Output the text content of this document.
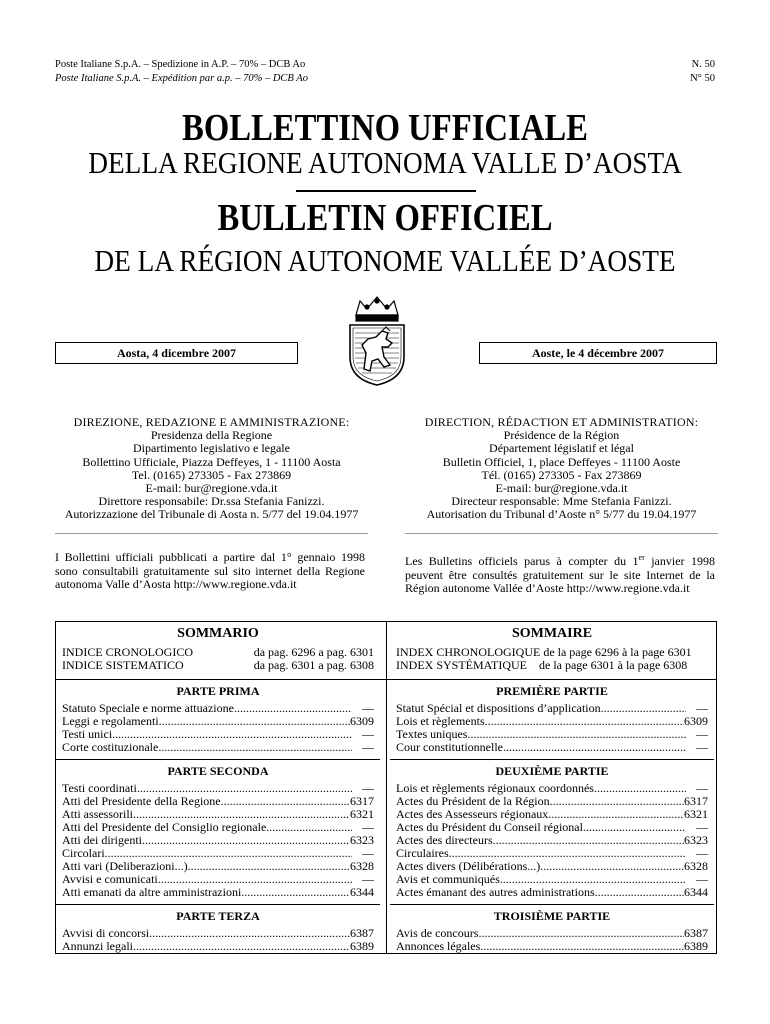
Poste Italiane S.p.A. – Spedizione in A.P. – 70% – DCB Ao
Poste Italiane S.p.A. – Expédition par a.p. – 70% – DCB Ao
N. 50
N° 50
BOLLETTINO UFFICIALE
DELLA REGIONE AUTONOMA VALLE D’AOSTA
BULLETIN OFFICIEL
DE LA RÉGION AUTONOME VALLÉE D’AOSTE
Aosta, 4 dicembre 2007	Aoste, le 4 décembre 2007
DIREZIONE, REDAZIONE E AMMINISTRAZIONE:
Presidenza della Regione
Dipartimento legislativo e legale
Bollettino Ufficiale, Piazza Deffeyes, 1 - 11100 Aosta
Tel. (0165) 273305 - Fax 273869
E-mail: bur@regione.vda.it
Direttore responsabile: Dr.ssa Stefania Fanizzi.
Autorizzazione del Tribunale di Aosta n. 5/77 del 19.04.1977
DIRECTION, RÉDACTION ET ADMINISTRATION:
Présidence de la Région
Département législatif et légal
Bulletin Officiel, 1, place Deffeyes - 11100 Aoste
Tél. (0165) 273305 - Fax 273869
E-mail: bur@regione.vda.it
Directeur responsable: Mme Stefania Fanizzi.
Autorisation du Tribunal d’Aoste n° 5/77 du 19.04.1977
I Bollettini ufficiali pubblicati a partire dal 1° gennaio 1998 sono consultabili gratuitamente sul sito internet della Regione autonoma Valle d’Aosta http://www.regione.vda.it
Les Bulletins officiels parus à compter du 1er janvier 1998 peuvent être consultés gratuitement sur le site Internet de la Région autonome Vallée d’Aoste http://www.regione.vda.it
SOMMARIO
INDICE CRONOLOGICO	da pag. 6296 a pag. 6301
INDICE SISTEMATICO	da pag. 6301 a pag. 6308
PARTE PRIMA
Statuto Speciale e norme attuazione .....	—
Leggi e regolamenti .....	6309
Testi unici .....	—
Corte costituzionale .....	—
PARTE SECONDA
Testi coordinati .....	—
Atti del Presidente della Regione .....	6317
Atti assessorili .....	6321
Atti del Presidente del Consiglio regionale .....	—
Atti dei dirigenti .....	6323
Circolari .....	—
Atti vari (Deliberazioni...) .....	6328
Avvisi e comunicati .....	—
Atti emanati da altre amministrazioni .....	6344
PARTE TERZA
Avvisi di concorsi .....	6387
Annunzi legali .....	6389
SOMMAIRE
INDEX CHRONOLOGIQUE de la page 6296 à la page 6301
INDEX SYSTÉMATIQUE    de la page 6301 à la page 6308
PREMIÈRE PARTIE
Statut Spécial et dispositions d’application .....	—
Lois et règlements .....	6309
Textes uniques .....	—
Cour constitutionnelle .....	—
DEUXIÈME PARTIE
Lois et règlements régionaux coordonnés .....	—
Actes du Président de la Région .....	6317
Actes des Assesseurs régionaux .....	6321
Actes du Président du Conseil régional .....	—
Actes des directeurs .....	6323
Circulaires .....	—
Actes divers (Délibérations...) .....	6328
Avis et communiqués .....	—
Actes émanant des autres administrations .....	6344
TROISIÈME PARTIE
Avis de concours .....	6387
Annonces légales .....	6389
